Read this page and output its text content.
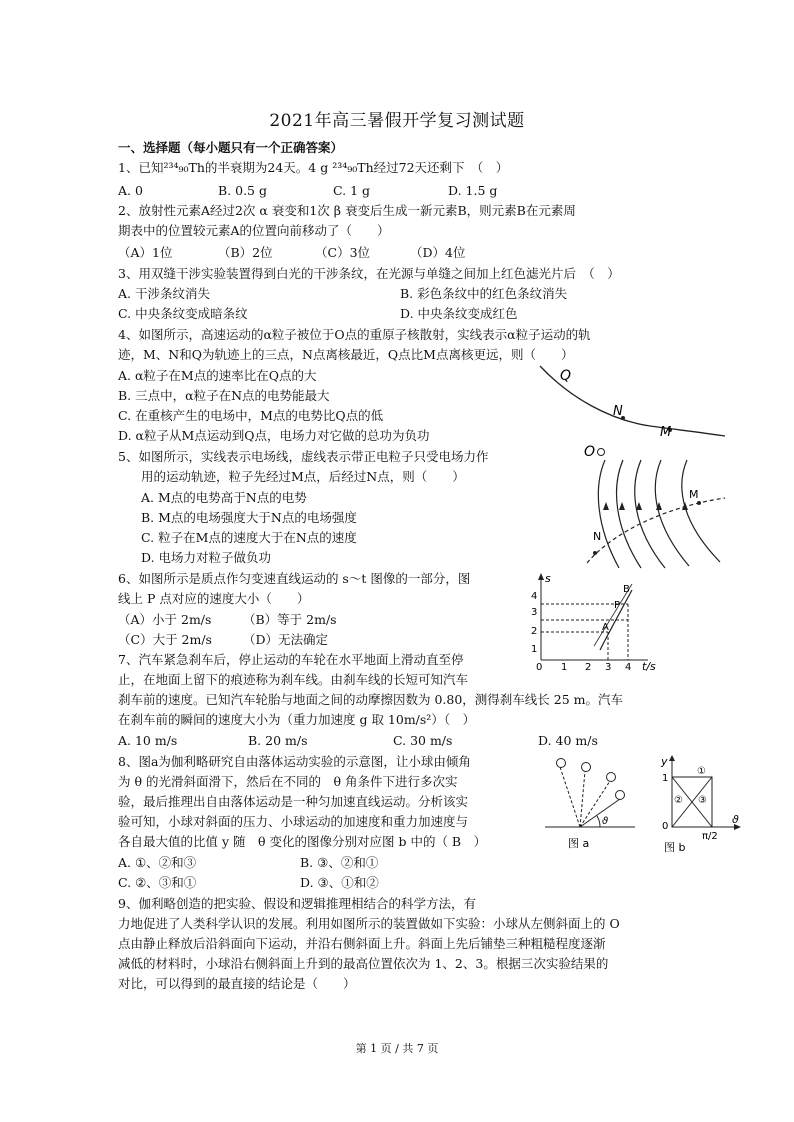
2021年高三暑假开学复习测试题
一、选择题（每小题只有一个正确答案）
1、已知²³⁴₉₀Th的半衰期为24天。4 g ²³⁴₉₀Th经过72天还剩下　（　）
A. 0	B. 0.5 g	C. 1 g	D. 1.5 g
2、放射性元素A经过2次 α 衰变和1次 β 衰变后生成一新元素B，则元素B在元素周
期表中的位置较元素A的位置向前移动了（　　）
（A）1位	（B）2位	（C）3位	（D）4位
3、用双缝干涉实验装置得到白光的干涉条纹，在光源与单缝之间加上红色滤光片后　（　）
A. 干涉条纹消失	B. 彩色条纹中的红色条纹消失
C. 中央条纹变成暗条纹	D. 中央条纹变成红色
4、如图所示，高速运动的α粒子被位于O点的重原子核散射，实线表示α粒子运动的轨
迹，M、N和Q为轨迹上的三点，N点离核最近，Q点比M点离核更远，则（　　）
A. α粒子在M点的速率比在Q点的大
B. 三点中，α粒子在N点的电势能最大
C. 在重核产生的电场中，M点的电势比Q点的低
D. α粒子从M点运动到Q点，电场力对它做的总功为负功
Q
N
M
O
5、如图所示，实线表示电场线，虚线表示带正电粒子只受电场力作
用的运动轨迹，粒子先经过M点，后经过N点，则（　　）
A. M点的电势高于N点的电势
B. M点的电场强度大于N点的电场强度
C. 粒子在M点的速度大于在N点的速度
D. 电场力对粒子做负功
N
M
6、如图所示是质点作匀变速直线运动的 s～t 图像的一部分，图
线上 P 点对应的速度大小（　　）
（A）小于 2m/s	（B）等于 2m/s
（C）大于 2m/s （D）无法确定
s
t/s
0
4
3
2
1
1 2 3 4
A
P
B
7、汽车紧急刹车后，停止运动的车轮在水平地面上滑动直至停
止，在地面上留下的痕迹称为刹车线。由刹车线的长短可知汽车
刹车前的速度。已知汽车轮胎与地面之间的动摩擦因数为 0.80，测得刹车线长 25 m。汽车
在刹车前的瞬间的速度大小为（重力加速度 g 取 10m/s²）（　）
A. 10 m/s	B. 20 m/s	C. 30 m/s	D. 40 m/s
8、图a为伽利略研究自由落体运动实验的示意图，让小球由倾角
为 θ 的光滑斜面滑下，然后在不同的　θ 角条件下进行多次实
验，最后推理出自由落体运动是一种匀加速直线运动。分析该实
验可知，小球对斜面的压力、小球运动的加速度和重力加速度与
各自最大值的比值 y 随　θ 变化的图像分别对应图 b 中的（ B　）
A. ①、②和③	B. ③、②和①
C. ②、③和①	D. ③、①和②
ϑ
图 a
y
ϑ
1
0
π/2
①
② ③
图 b
9、伽利略创造的把实验、假设和逻辑推理相结合的科学方法，有
力地促进了人类科学认识的发展。利用如图所示的装置做如下实验：小球从左侧斜面上的 O
点由静止释放后沿斜面向下运动，并沿右侧斜面上升。斜面上先后铺垫三种粗糙程度逐渐
减低的材料时，小球沿右侧斜面上升到的最高位置依次为 1、2、3。根据三次实验结果的
对比，可以得到的最直接的结论是（　　）
第 1 页 / 共 7 页
